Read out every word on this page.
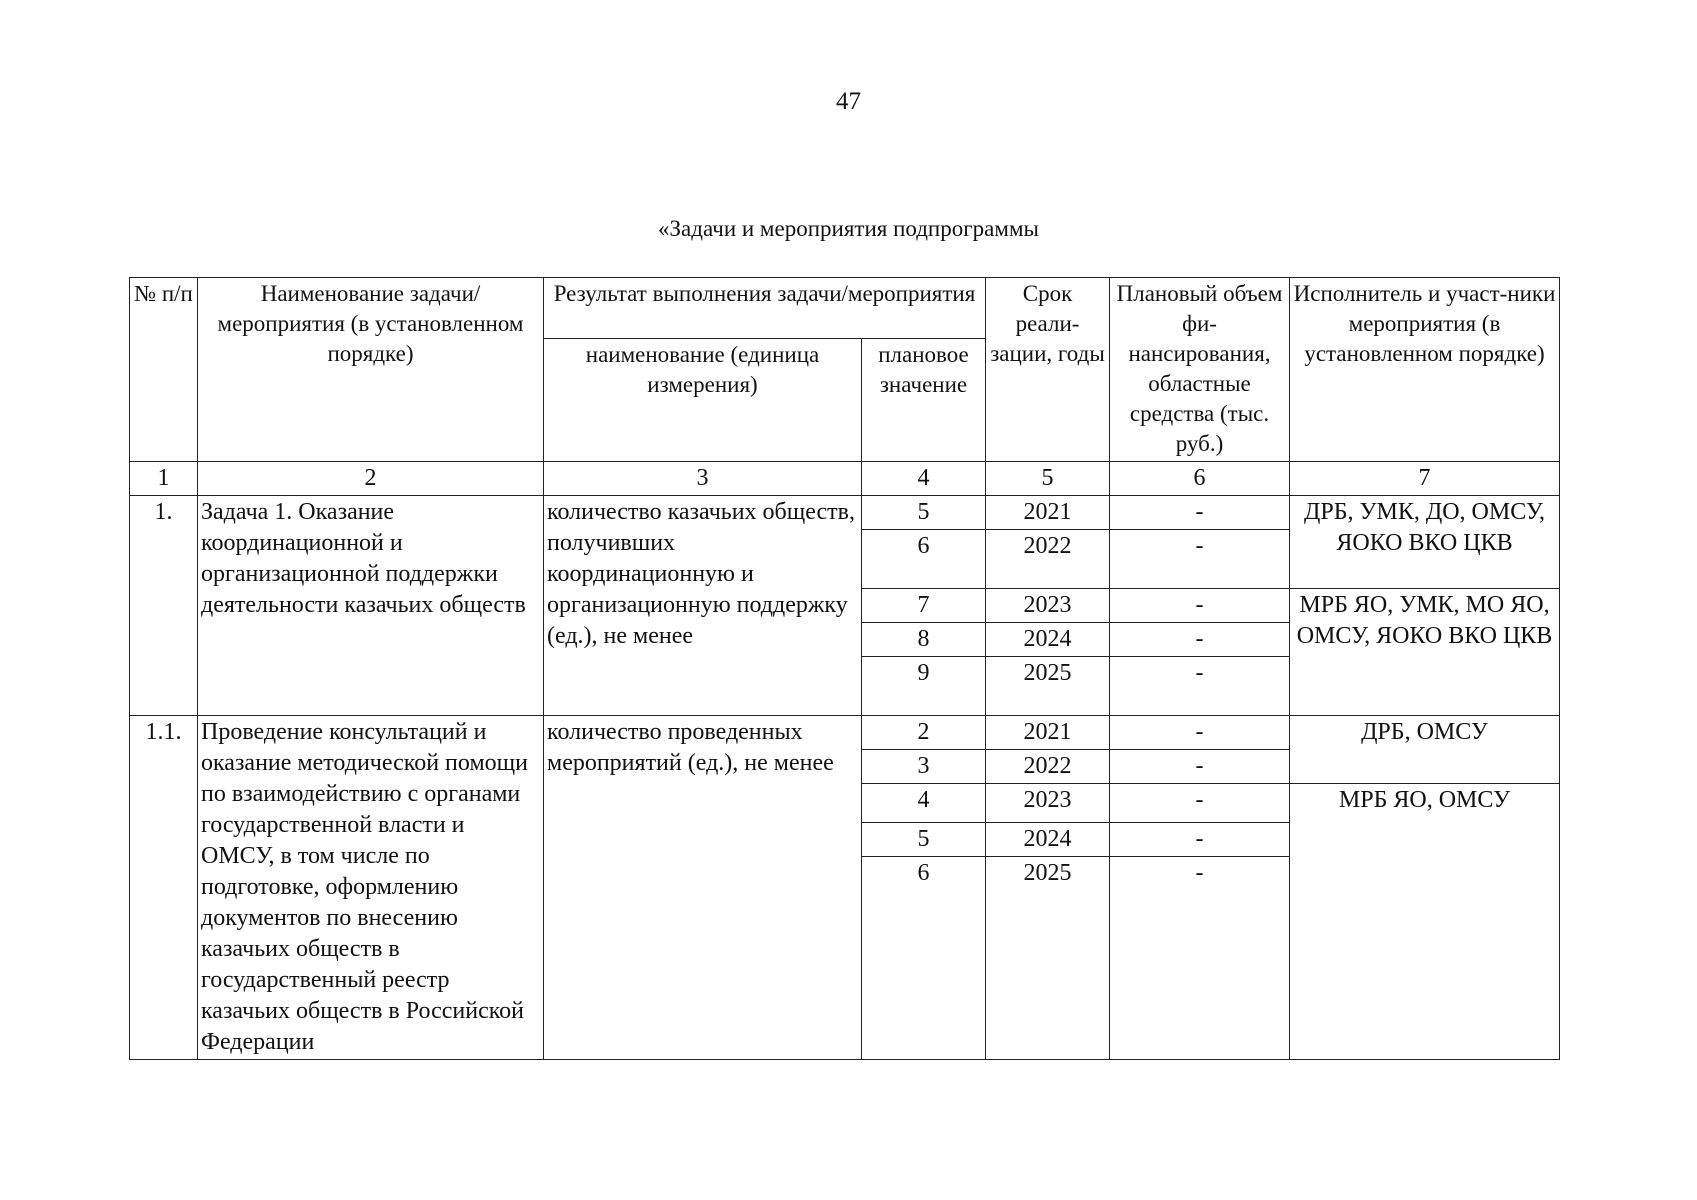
47
«Задачи и мероприятия подпрограммы
№ п/п	Наименование задачи/мероприятия (в установленном порядке)	Результат выполнения задачи/мероприятия		Срок реали-зации, годы	Плановый объем фи-нансирования, областные средства (тыс. руб.)	Исполнитель и участ-ники мероприятия (в установленном порядке)
		наименование (единица измерения)	плановое значение			
1	2	3	4	5	6	7
1.	Задача 1. Оказание координационной и организационной поддержки деятельности казачьих обществ	количество казачьих обществ, получивших координационную и организационную поддержку (ед.), не менее	5	2021	-	ДРБ, УМК, ДО, ОМСУ, ЯОКО ВКО ЦКВ
			6	2022	-	
			7	2023	-	МРБ ЯО, УМК, МО ЯО, ОМСУ, ЯОКО ВКО ЦКВ
			8	2024	-	
			9	2025	-	
1.1.	Проведение консультаций и оказание методической помощи по взаимодействию с органами государственной власти и ОМСУ, в том числе по подготовке, оформлению документов по внесению казачьих обществ в государственный реестр казачьих обществ в Российской Федерации	количество проведенных мероприятий (ед.), не менее	2	2021	-	ДРБ, ОМСУ
			3	2022	-	
			4	2023	-	МРБ ЯО, ОМСУ
			5	2024	-	
			6	2025	-	
